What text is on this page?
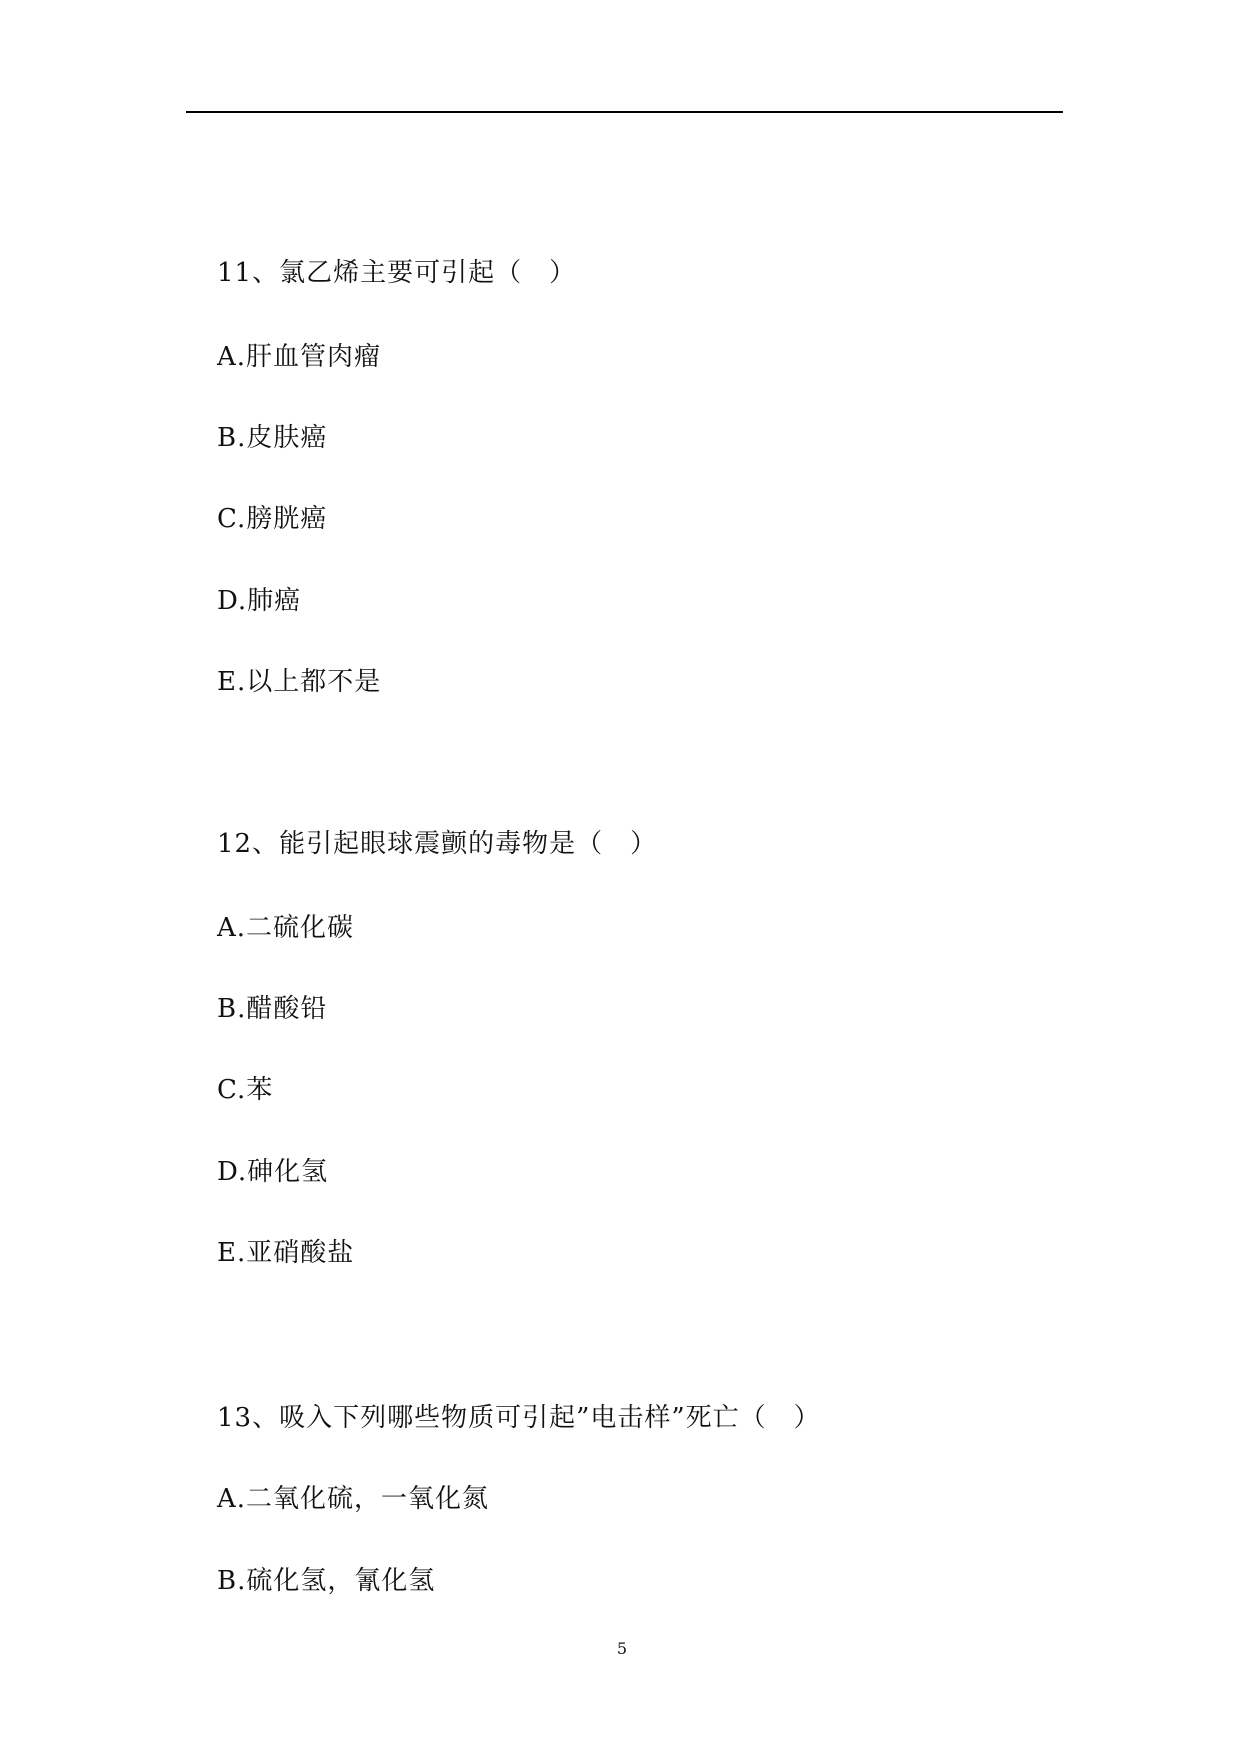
11、氯乙烯主要可引起（　）
A.肝血管肉瘤
B.皮肤癌
C.膀胱癌
D.肺癌
E.以上都不是
12、能引起眼球震颤的毒物是（　）
A.二硫化碳
B.醋酸铅
C.苯
D.砷化氢
E.亚硝酸盐
13、吸入下列哪些物质可引起”电击样”死亡（　）
A.二氧化硫，一氧化氮
B.硫化氢，氰化氢
5
